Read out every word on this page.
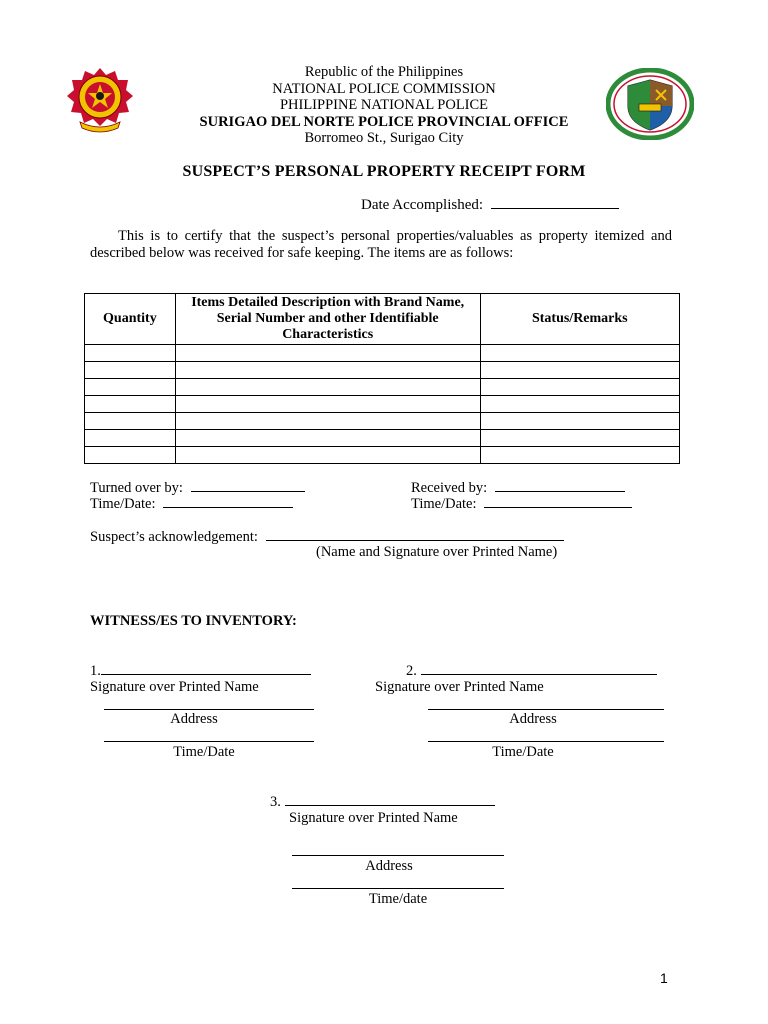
Republic of the Philippines
NATIONAL POLICE COMMISSION
PHILIPPINE NATIONAL POLICE
SURIGAO DEL NORTE POLICE PROVINCIAL OFFICE
Borromeo St., Surigao City
SUSPECT’S PERSONAL PROPERTY RECEIPT FORM
Date Accomplished:
This is to certify that the suspect’s personal properties/valuables as property itemized and described below was received for safe keeping. The items are as follows:
Quantity	Items Detailed Description with Brand Name, Serial Number and other Identifiable Characteristics	Status/Remarks

Turned over by:
Time/Date:
Received by:
Time/Date:
Suspect’s acknowledgement:
(Name and Signature over Printed Name)
WITNESS/ES TO INVENTORY:
1.
Signature over Printed Name
Address
Time/Date
2.
Signature over Printed Name
Address
Time/Date
3.
Signature over Printed Name
Address
Time/date
1
